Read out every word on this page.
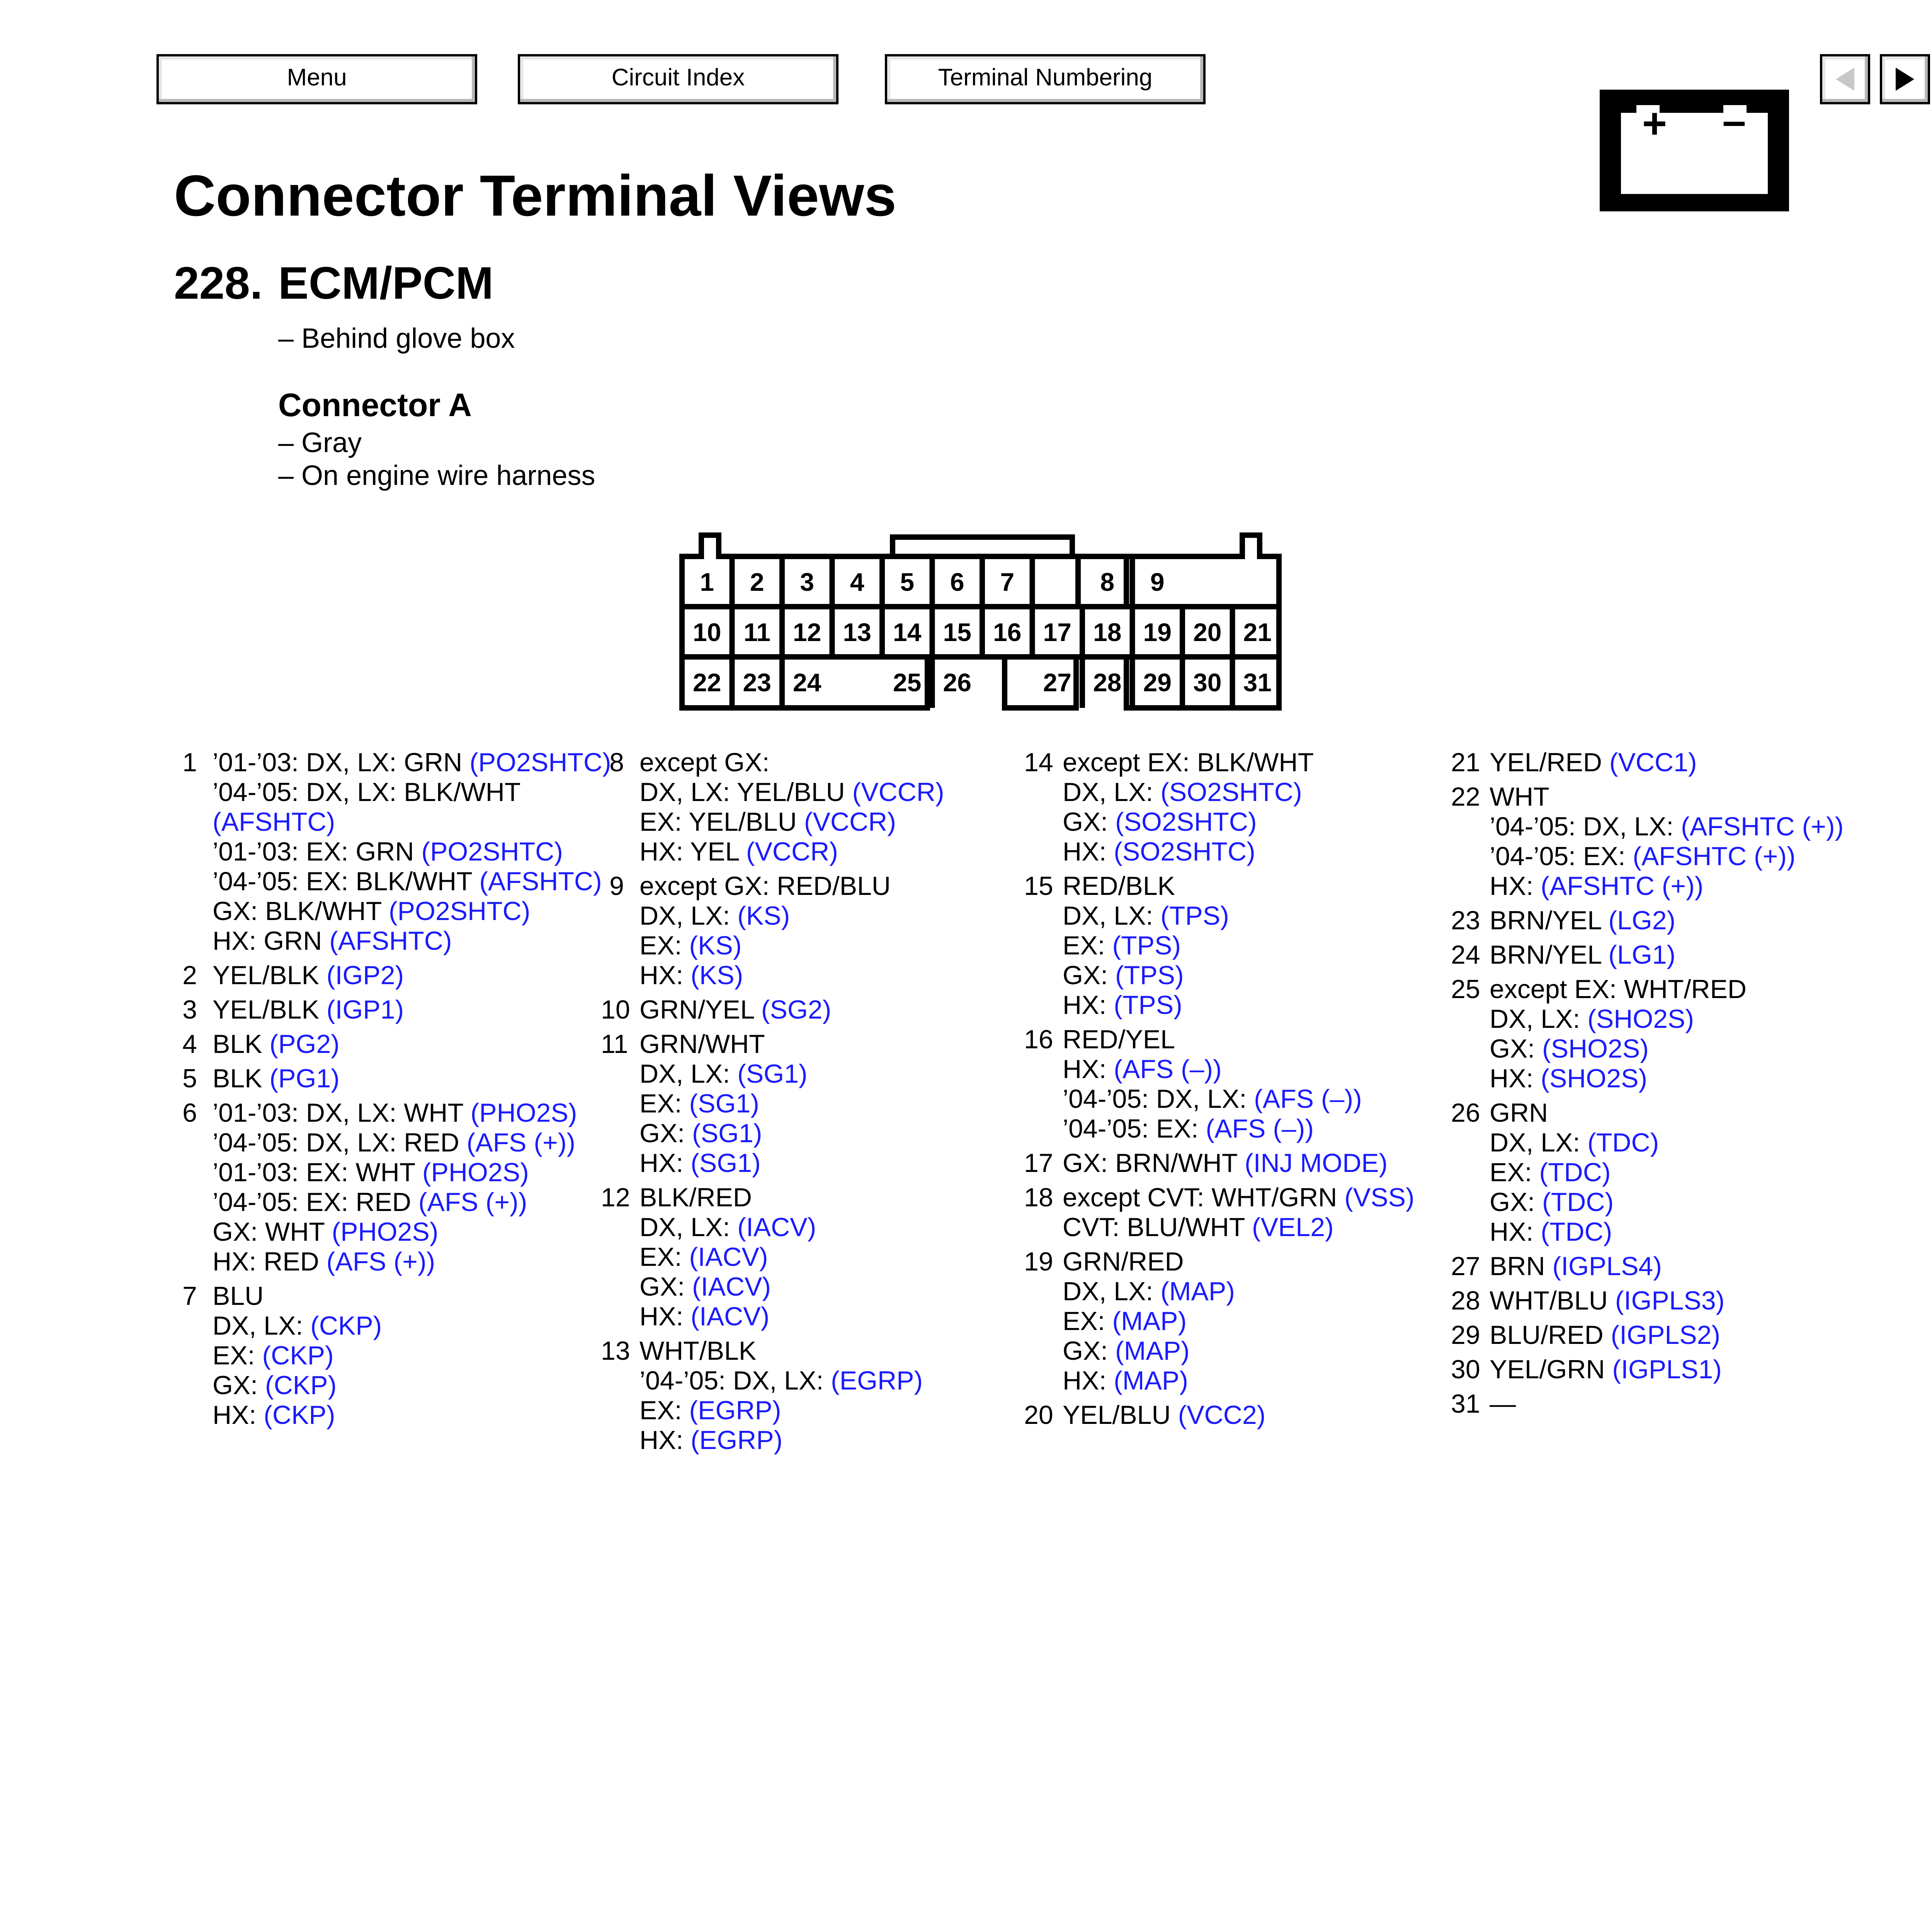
Menu	Circuit Index	Terminal Numbering
+ –
Connector Terminal Views
228. ECM/PCM
– Behind glove box
Connector A
– Gray
– On engine wire harness
1 2 3 4 5 6 7	8 9
10 11 12 13 14 15 16 17 18 19 20 21
22 23 24	25 26	27 28 29 30 31
1 ’01-’03: DX, LX: GRN (PO2SHTC)
’04-’05: DX, LX: BLK/WHT
(AFSHTC)
’01-’03: EX: GRN (PO2SHTC)
’04-’05: EX: BLK/WHT (AFSHTC)
GX: BLK/WHT (PO2SHTC)
HX: GRN (AFSHTC)
2 YEL/BLK (IGP2)
3 YEL/BLK (IGP1)
4 BLK (PG2)
5 BLK (PG1)
6 ’01-’03: DX, LX: WHT (PHO2S)
’04-’05: DX, LX: RED (AFS (+))
’01-’03: EX: WHT (PHO2S)
’04-’05: EX: RED (AFS (+))
GX: WHT (PHO2S)
HX: RED (AFS (+))
7 BLU
DX, LX: (CKP)
EX: (CKP)
GX: (CKP)
HX: (CKP)
8 except GX:
DX, LX: YEL/BLU (VCCR)
EX: YEL/BLU (VCCR)
HX: YEL (VCCR)
9 except GX: RED/BLU
DX, LX: (KS)
EX: (KS)
HX: (KS)
10 GRN/YEL (SG2)
11 GRN/WHT
DX, LX: (SG1)
EX: (SG1)
GX: (SG1)
HX: (SG1)
12 BLK/RED
DX, LX: (IACV)
EX: (IACV)
GX: (IACV)
HX: (IACV)
13 WHT/BLK
’04-’05: DX, LX: (EGRP)
EX: (EGRP)
HX: (EGRP)
14 except EX: BLK/WHT
DX, LX: (SO2SHTC)
GX: (SO2SHTC)
HX: (SO2SHTC)
15 RED/BLK
DX, LX: (TPS)
EX: (TPS)
GX: (TPS)
HX: (TPS)
16 RED/YEL
HX: (AFS (–))
’04-’05: DX, LX: (AFS (–))
’04-’05: EX: (AFS (–))
17 GX: BRN/WHT (INJ MODE)
18 except CVT: WHT/GRN (VSS)
CVT: BLU/WHT (VEL2)
19 GRN/RED
DX, LX: (MAP)
EX: (MAP)
GX: (MAP)
HX: (MAP)
20 YEL/BLU (VCC2)
21 YEL/RED (VCC1)
22 WHT
’04-’05: DX, LX: (AFSHTC (+))
’04-’05: EX: (AFSHTC (+))
HX: (AFSHTC (+))
23 BRN/YEL (LG2)
24 BRN/YEL (LG1)
25 except EX: WHT/RED
DX, LX: (SHO2S)
GX: (SHO2S)
HX: (SHO2S)
26 GRN
DX, LX: (TDC)
EX: (TDC)
GX: (TDC)
HX: (TDC)
27 BRN (IGPLS4)
28 WHT/BLU (IGPLS3)
29 BLU/RED (IGPLS2)
30 YEL/GRN (IGPLS1)
31 —
